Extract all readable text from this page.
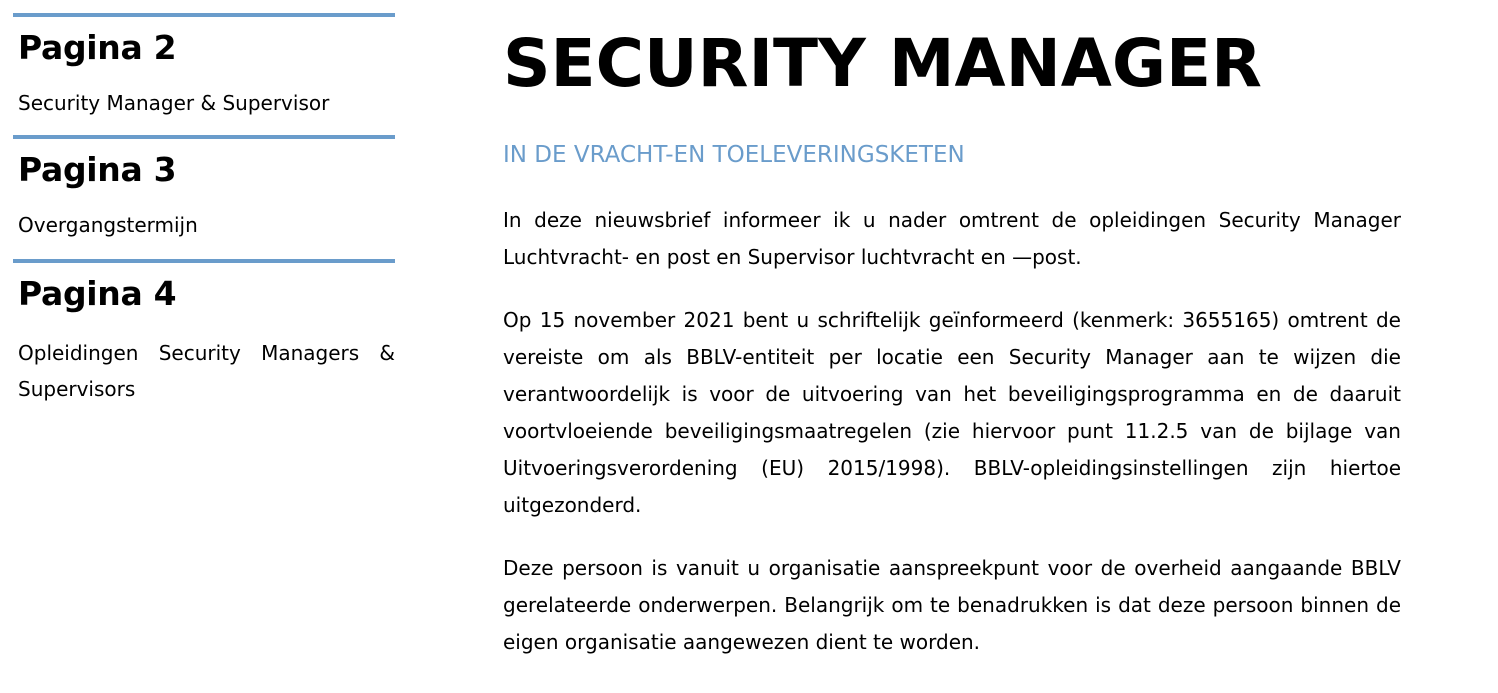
Pagina 2

Security Manager & Supervisor

Pagina 3

Overgangstermijn

Pagina 4

Opleidingen Security Managers & Supervisors

SECURITY MANAGER
IN DE VRACHT-EN TOELEVERINGSKETEN

In deze nieuwsbrief informeer ik u nader omtrent de opleidingen Security Manager Luchtvracht- en post en Supervisor luchtvracht en —post.

Op 15 november 2021 bent u schriftelijk geïnformeerd (kenmerk: 3655165) omtrent de vereiste om als BBLV-entiteit per locatie een Security Manager aan te wijzen die verantwoordelijk is voor de uitvoering van het beveiligingsprogramma en de daaruit voortvloeiende beveiligingsmaatregelen (zie hiervoor punt 11.2.5 van de bijlage van Uitvoeringsverordening (EU) 2015/1998). BBLV-opleidingsinstellingen zijn hiertoe uitgezonderd.

Deze persoon is vanuit u organisatie aanspreekpunt voor de overheid aangaande BBLV gerelateerde onderwerpen. Belangrijk om te benadrukken is dat deze persoon binnen de eigen organisatie aangewezen dient te worden.
